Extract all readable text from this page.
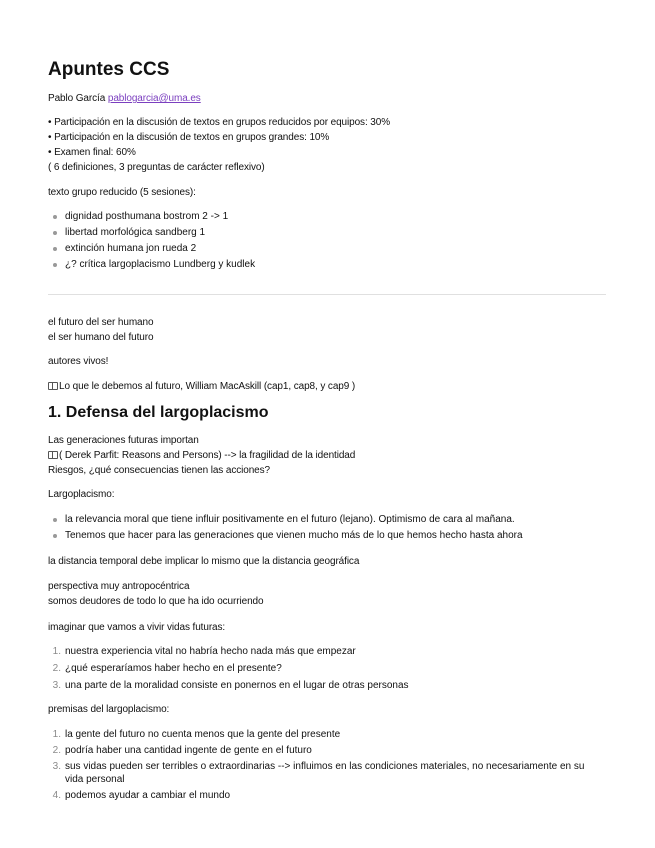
Apuntes CCS
Pablo García pablogarcia@uma.es
• Participación en la discusión de textos en grupos reducidos por equipos: 30%
• Participación en la discusión de textos en grupos grandes: 10%
• Examen final: 60%
( 6 definiciones, 3 preguntas de carácter reflexivo)
texto grupo reducido (5 sesiones):
dignidad posthumana bostrom 2 -> 1
libertad morfológica sandberg 1
extinción humana jon rueda 2
¿? crítica largoplacismo Lundberg y kudlek
el futuro del ser humano
el ser humano del futuro
autores vivos!
Lo que le debemos al futuro, William MacAskill (cap1, cap8, y cap9 )
1. Defensa del largoplacismo
Las generaciones futuras importan
( Derek Parfit: Reasons and Persons) --> la fragilidad de la identidad
Riesgos, ¿qué consecuencias tienen las acciones?
Largoplacismo:
la relevancia moral que tiene influir positivamente en el futuro (lejano). Optimismo de cara al mañana.
Tenemos que hacer para las generaciones que vienen mucho más de lo que hemos hecho hasta ahora
la distancia temporal debe implicar lo mismo que la distancia geográfica
perspectiva muy antropocéntrica
somos deudores de todo lo que ha ido ocurriendo
imaginar que vamos a vivir vidas futuras:
1. nuestra experiencia vital no habría hecho nada más que empezar
2. ¿qué esperaríamos haber hecho en el presente?
3. una parte de la moralidad consiste en ponernos en el lugar de otras personas
premisas del largoplacismo:
1. la gente del futuro no cuenta menos que la gente del presente
2. podría haber una cantidad ingente de gente en el futuro
3. sus vidas pueden ser terribles o extraordinarias --> influimos en las condiciones materiales, no necesariamente en su vida personal
4. podemos ayudar a cambiar el mundo
